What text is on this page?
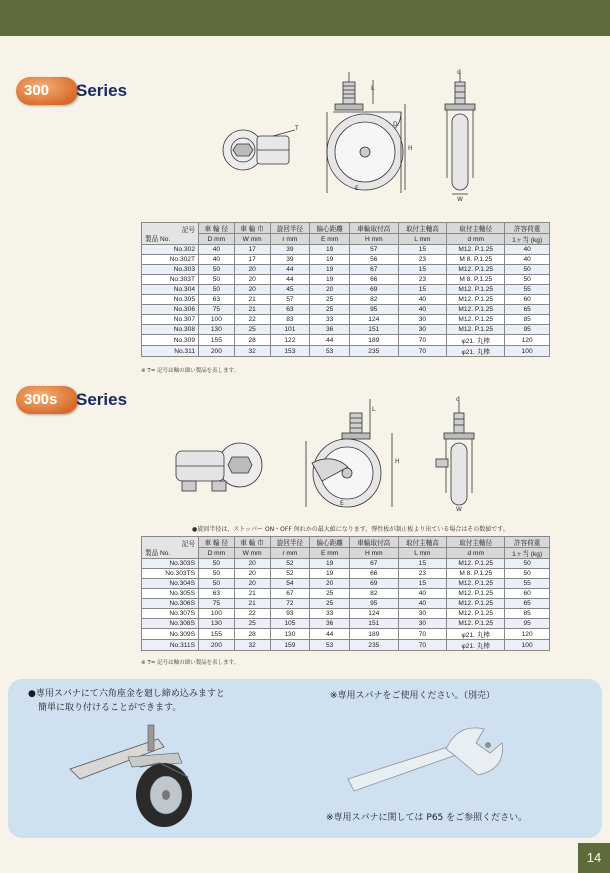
300 Series
T
L
D
H
E
d
W
記号
製品 No.	車 輪 径	車 輪 巾	旋回半径	偏心距離	車輪取付高	取付主軸高	取付主軸径	許容荷重
	D mm	W mm	r mm	E mm	H mm	L mm	d mm	1ヶ当 (kg)
No.302	40	17	39	19	57	15	M12. P.1.25	40
No.302T	40	17	39	19	56	23	M 8. P.1.25	40
No.303	50	20	44	19	67	15	M12. P.1.25	50
No.303T	50	20	44	19	66	23	M 8. P.1.25	50
No.304	50	20	45	20	69	15	M12. P.1.25	55
No.305	63	21	57	25	82	40	M12. P.1.25	60
No.306	75	21	63	25	95	40	M12. P.1.25	65
No.307	100	22	83	33	124	30	M12. P.1.25	85
No.308	130	25	101	36	151	30	M12. P.1.25	95
No.309	155	28	122	44	189	70	φ21. 丸棒	120
No.311	200	32	153	53	235	70	φ21. 丸棒	100
※ T= 記号は軸の細い製品を表します。
300s Series
L
H
E
d
W
●旋回半径は、ストッパー ON・OFF 何れかの最大値になります。弾性板が制止板より出ている場合はその数値です。
記号
製品 No.	車 輪 径	車 輪 巾	旋回半径	偏心距離	車輪取付高	取付主軸高	取付主軸径	許容荷重
	D mm	W mm	r mm	E mm	H mm	L mm	d mm	1ヶ当 (kg)
No.303S	50	20	52	19	67	15	M12. P.1.25	50
No.303TS	50	20	52	19	66	23	M 8. P.1.25	50
No.304S	50	20	54	20	69	15	M12. P.1.25	55
No.305S	63	21	67	25	82	40	M12. P.1.25	60
No.306S	75	21	72	25	95	40	M12. P.1.25	65
No.307S	100	22	93	33	124	30	M12. P.1.25	85
No.308S	130	25	105	36	151	30	M12. P.1.25	95
No.309S	155	28	130	44	189	70	φ21. 丸棒	120
No.311S	200	32	159	53	235	70	φ21. 丸棒	100
※ T= 記号は軸の細い製品を表します。
●専用スパナにて六角座金を廻し締め込みますと
簡単に取り付けることができます。
※専用スパナをご使用ください。（別売）
※専用スパナに関しては P65 をご参照ください。
14
